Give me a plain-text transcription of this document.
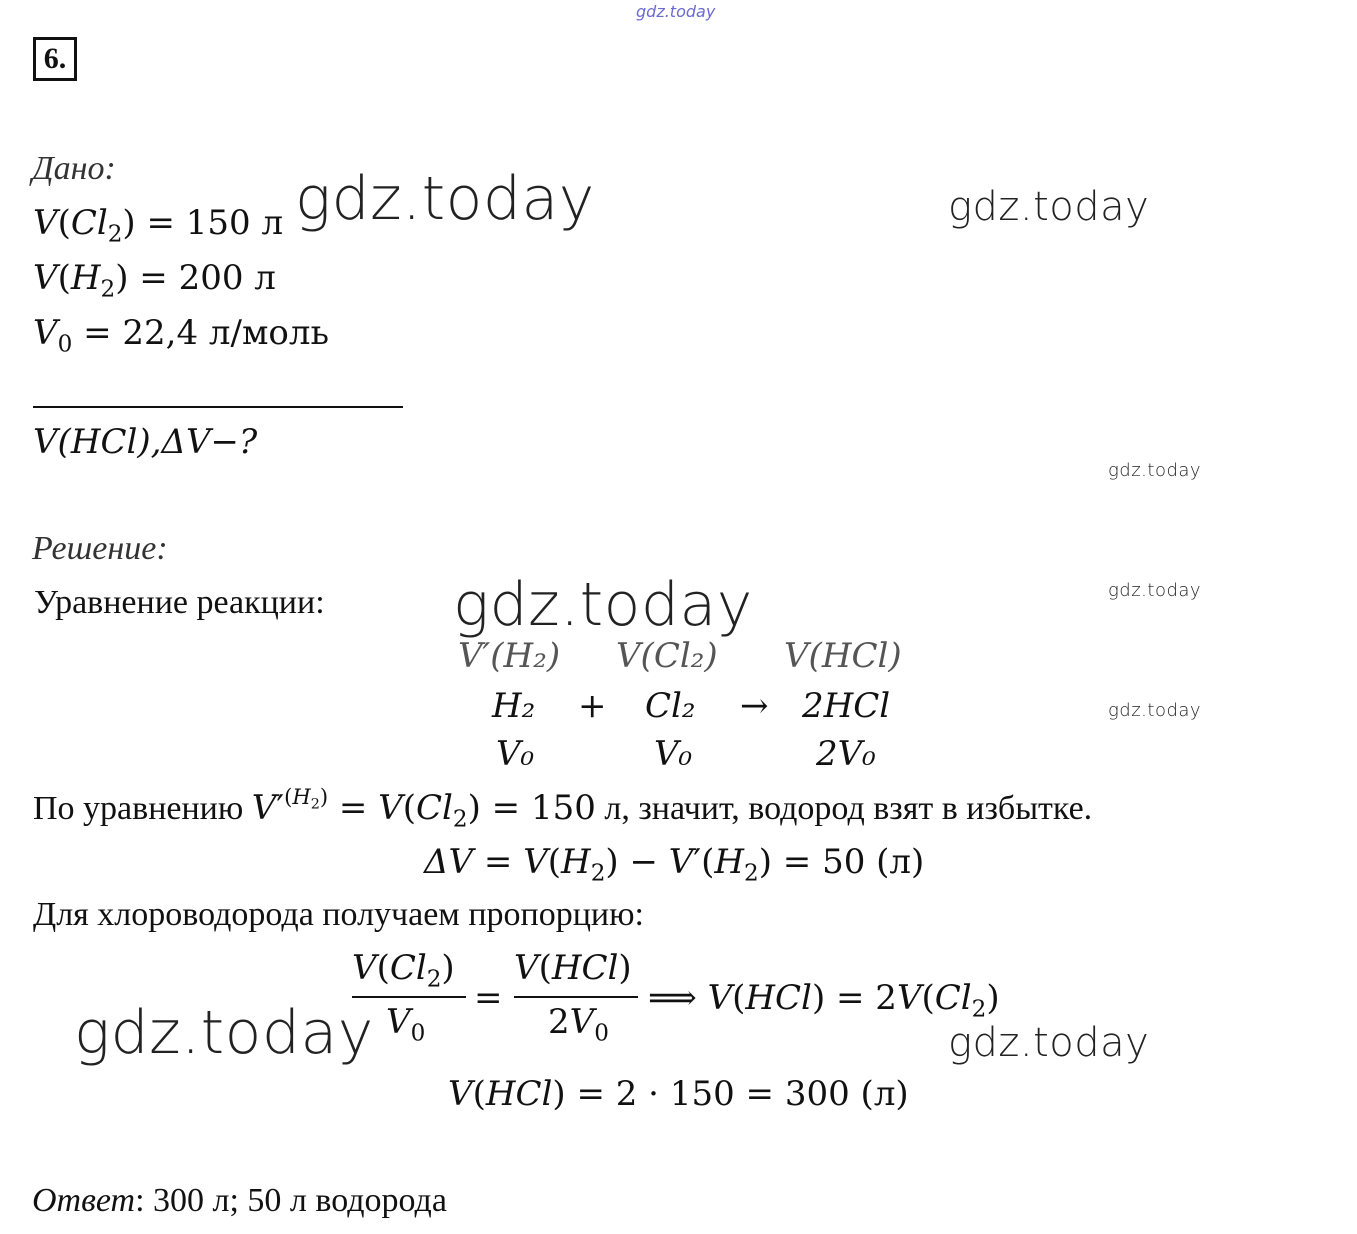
gdz.today
6.
Дано:
$V(Cl_2) = 150$ л
$V(H_2) = 200$ л
$V_0 = 22,4$ л/моль
V(HCl),ΔV−?
Решение:
Уравнение реакции:
V′(H₂) V(Cl₂) V(HCl)
H₂ + Cl₂ → 2HCl
V₀	V₀	2V₀
По уравнению $V'^{(H_2)} = V(Cl_2) = 150$ л, значит, водород взят в избытке.
$\Delta V = V(H_2) - V'(H_2) = 50$ (л)
Для хлороводорода получаем пропорцию:
$V(Cl_2)$
$V_0$
=
V(HCl)
$2V_0$
⟹ $V(HCl) = 2V(Cl_2)$
V(HCl) = 2 · 150 = 300 (л)
Ответ: 300 л; 50 л водорода
gdz.today	gdz.today
gdz.today
gdz.today	gdz.today
gdz.today
gdz.today	gdz.today
